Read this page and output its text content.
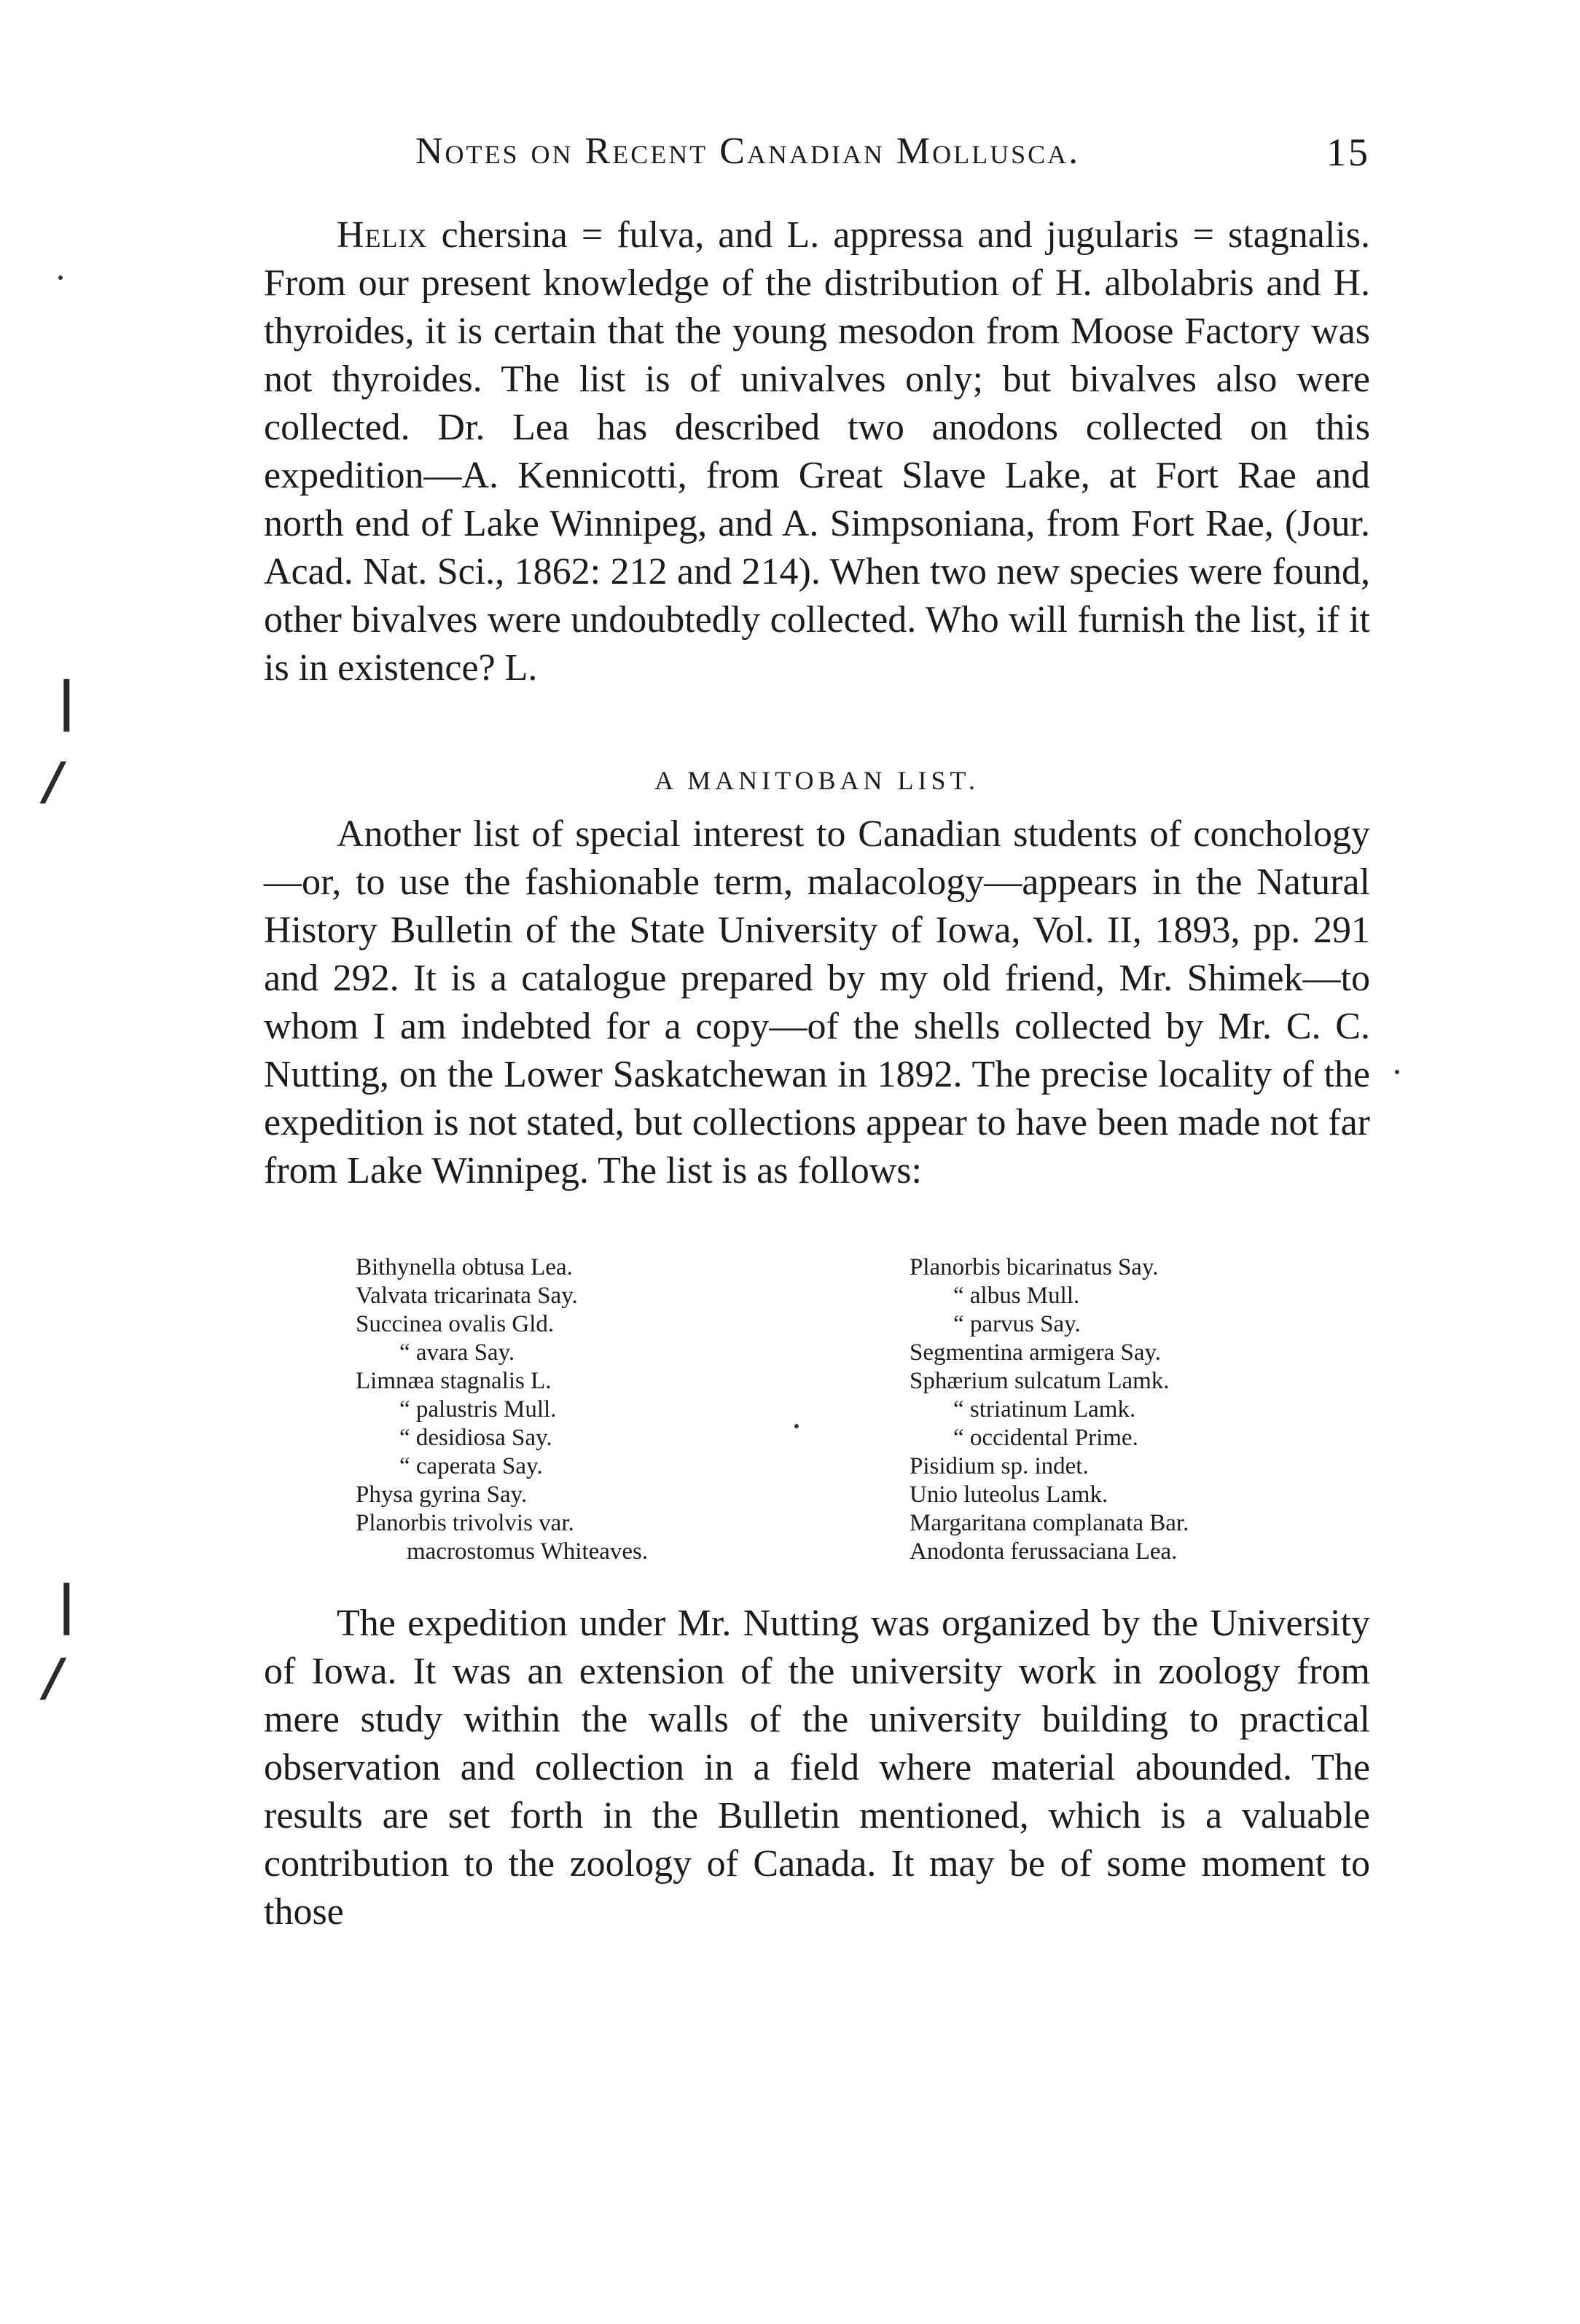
Notes on Recent Canadian Mollusca.	15

Helix chersina = fulva, and L. appressa and jugularis = stagnalis. From our present knowledge of the distribution of H. albolabris and H. thyroides, it is certain that the young mesodon from Moose Factory was not thyroides. The list is of univalves only; but bivalves also were collected. Dr. Lea has described two anodons collected on this expedition—A. Kennicotti, from Great Slave Lake, at Fort Rae and north end of Lake Winnipeg, and A. Simpsoniana, from Fort Rae, (Jour. Acad. Nat. Sci., 1862: 212 and 214). When two new species were found, other bivalves were undoubtedly collected. Who will furnish the list, if it is in existence? L.

A MANITOBAN LIST.

Another list of special interest to Canadian students of conchology—or, to use the fashionable term, malacology—appears in the Natural History Bulletin of the State University of Iowa, Vol. II, 1893, pp. 291 and 292. It is a catalogue prepared by my old friend, Mr. Shimek—to whom I am indebted for a copy—of the shells collected by Mr. C. C. Nutting, on the Lower Saskatchewan in 1892. The precise locality of the expedition is not stated, but collections appear to have been made not far from Lake Winnipeg. The list is as follows:

Bithynella obtusa Lea.
Valvata tricarinata Say.
Succinea ovalis Gld.
“ avara Say.
Limnæa stagnalis L.
“ palustris Mull.
“ desidiosa Say.
“ caperata Say.
Physa gyrina Say.
Planorbis trivolvis var.
macrostomus Whiteaves.
Planorbis bicarinatus Say.
“ albus Mull.
“ parvus Say.
Segmentina armigera Say.
Sphærium sulcatum Lamk.
“ striatinum Lamk.
“ occidental Prime.
Pisidium sp. indet.
Unio luteolus Lamk.
Margaritana complanata Bar.
Anodonta ferussaciana Lea.

The expedition under Mr. Nutting was organized by the University of Iowa. It was an extension of the university work in zoology from mere study within the walls of the university building to practical observation and collection in a field where material abounded. The results are set forth in the Bulletin mentioned, which is a valuable contribution to the zoology of Canada. It may be of some moment to those

❘
/
❘
/
